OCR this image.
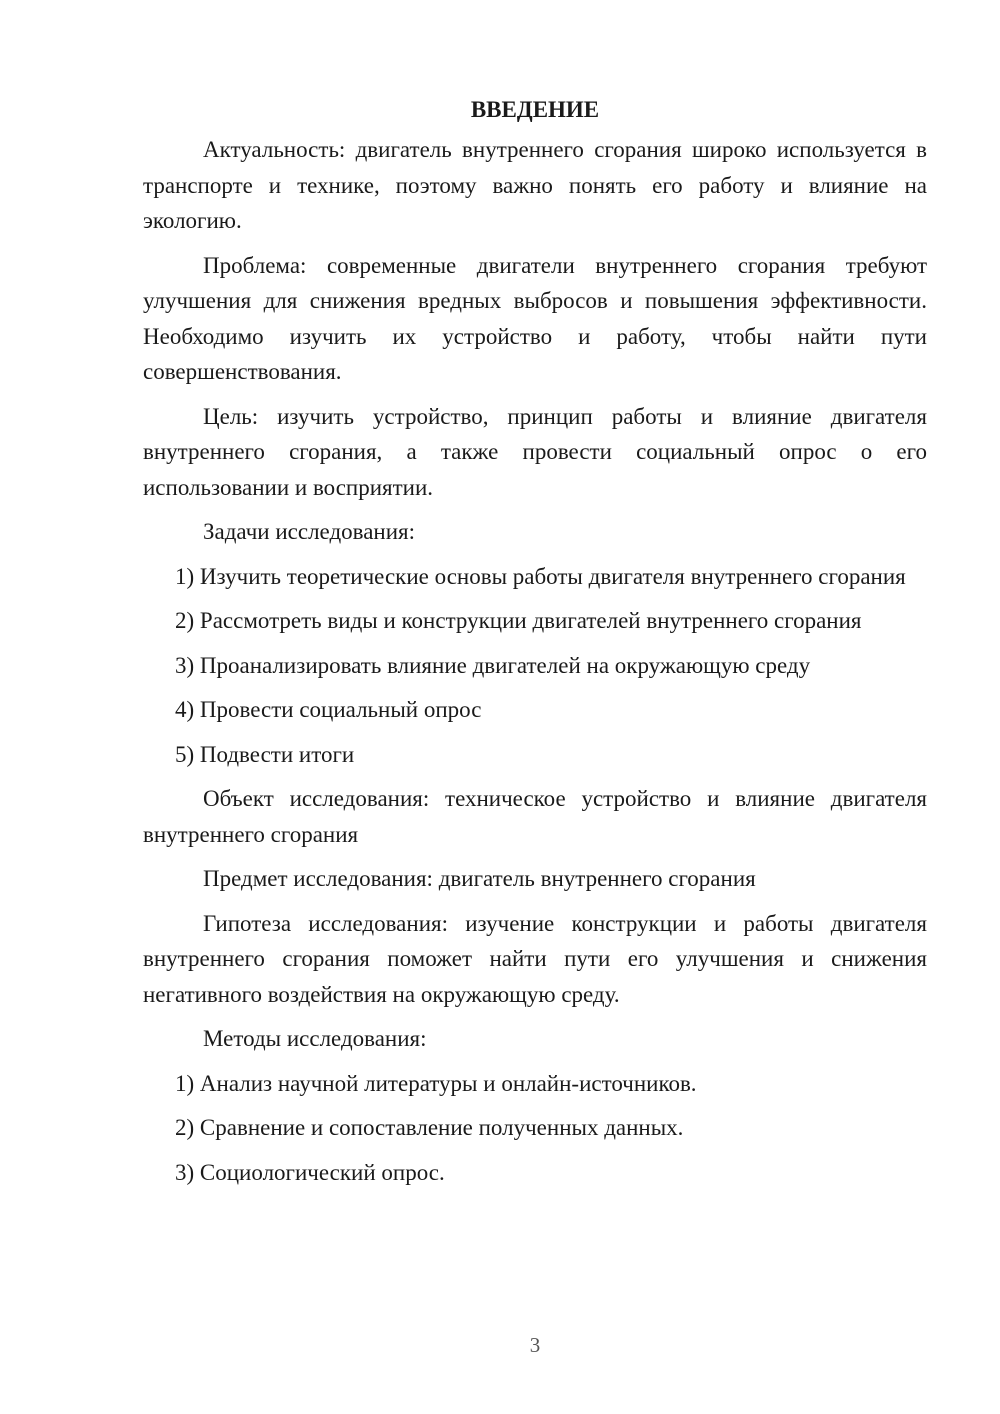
ВВЕДЕНИЕ

Актуальность: двигатель внутреннего сгорания широко используется в транспорте и технике, поэтому важно понять его работу и влияние на экологию.

Проблема: современные двигатели внутреннего сгорания требуют улучшения для снижения вредных выбросов и повышения эффективности. Необходимо изучить их устройство и работу, чтобы найти пути совершенствования.

Цель: изучить устройство, принцип работы и влияние двигателя внутреннего сгорания, а также провести социальный опрос о его использовании и восприятии.

Задачи исследования:

1) Изучить теоретические основы работы двигателя внутреннего сгорания

2) Рассмотреть виды и конструкции двигателей внутреннего сгорания

3) Проанализировать влияние двигателей на окружающую среду

4) Провести социальный опрос

5) Подвести итоги

Объект исследования: техническое устройство и влияние двигателя внутреннего сгорания

Предмет исследования: двигатель внутреннего сгорания

Гипотеза исследования: изучение конструкции и работы двигателя внутреннего сгорания поможет найти пути его улучшения и снижения негативного воздействия на окружающую среду.

Методы исследования:

1) Анализ научной литературы и онлайн-источников.

2) Сравнение и сопоставление полученных данных.

3) Социологический опрос.

3
